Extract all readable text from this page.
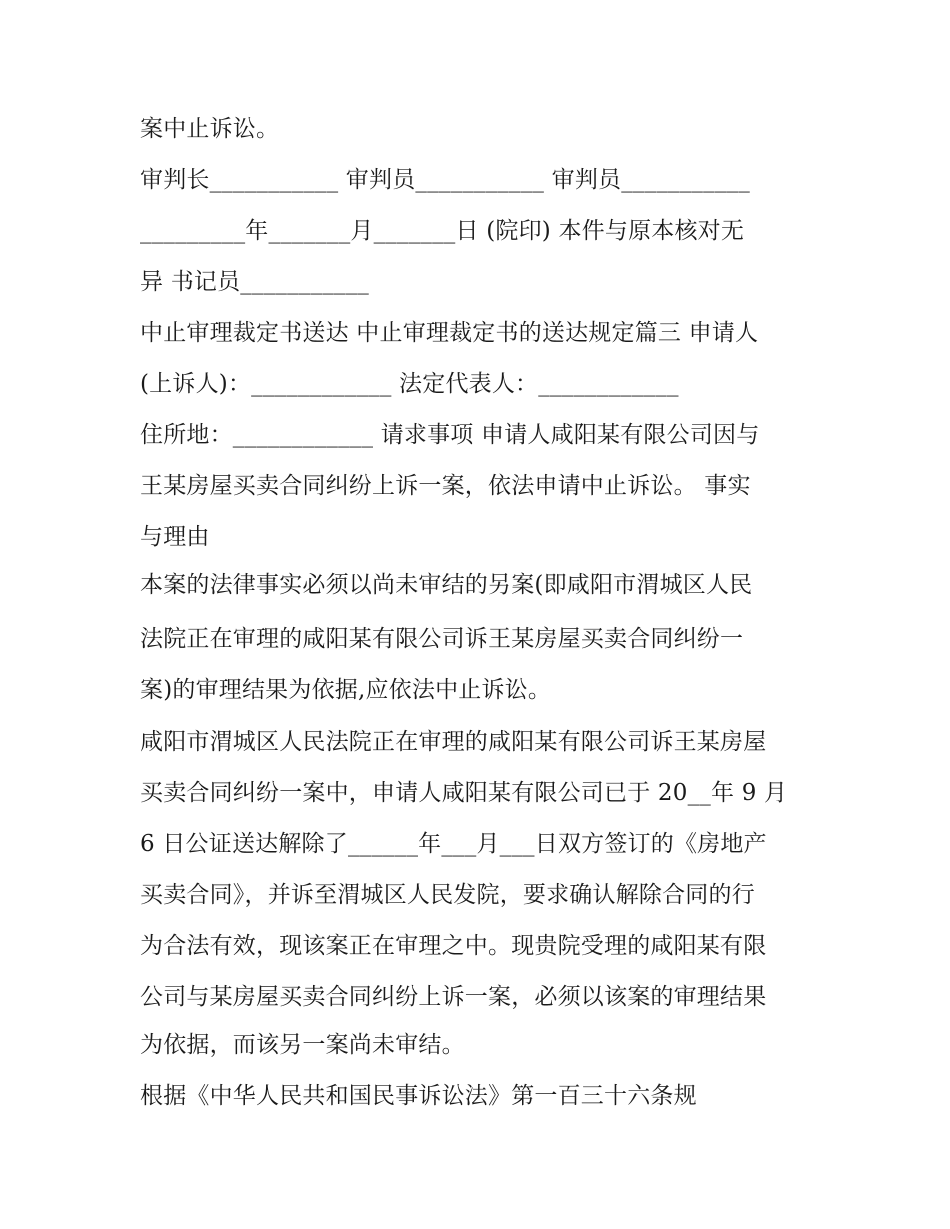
案中止诉讼。
审判长___________ 审判员___________ 审判员___________
_________年_______月_______日 (院印) 本件与原本核对无
异 书记员___________
中止审理裁定书送达 中止审理裁定书的送达规定篇三 申请人
(上诉人)：____________ 法定代表人：____________
住所地：____________ 请求事项 申请人咸阳某有限公司因与
王某房屋买卖合同纠纷上诉一案，依法申请中止诉讼。 事实
与理由
本案的法律事实必须以尚未审结的另案(即咸阳市渭城区人民
法院正在审理的咸阳某有限公司诉王某房屋买卖合同纠纷一
案)的审理结果为依据,应依法中止诉讼。
咸阳市渭城区人民法院正在审理的咸阳某有限公司诉王某房屋
买卖合同纠纷一案中，申请人咸阳某有限公司已于 20__年 9 月
6 日公证送达解除了______年___月___日双方签订的《房地产
买卖合同》，并诉至渭城区人民发院，要求确认解除合同的行
为合法有效，现该案正在审理之中。现贵院受理的咸阳某有限
公司与某房屋买卖合同纠纷上诉一案，必须以该案的审理结果
为依据，而该另一案尚未审结。
根据《中华人民共和国民事诉讼法》第一百三十六条规
